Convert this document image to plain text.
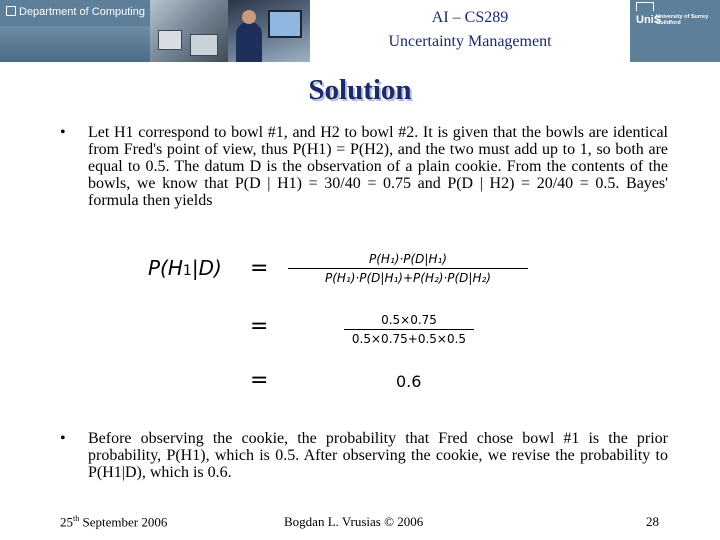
Department of Computing	AI – CS289
Uncertainty Management
UniS
University of Surrey
Guildford
Solution
• Let H1 correspond to bowl #1, and H2 to bowl #2. It is given that the bowls are identical from Fred's point of view, thus P(H1) = P(H2), and the two must add up to 1, so both are equal to 0.5. The datum D is the observation of a plain cookie. From the contents of the bowls, we know that P(D | H1) = 30/40 = 0.75 and P(D | H2) = 20/40 = 0.5. Bayes' formula then yields
P(H1|D) =	P(H₁)·P(D|H₁)
P(H₁)·P(D|H₁)+P(H₂)·P(D|H₂)
=	0.5×0.75
0.5×0.75+0.5×0.5
=	0.6
• Before observing the cookie, the probability that Fred chose bowl #1 is the prior probability, P(H1), which is 0.5. After observing the cookie, we revise the probability to P(H1|D), which is 0.6.
25th September 2006	Bogdan L. Vrusias © 2006	28
